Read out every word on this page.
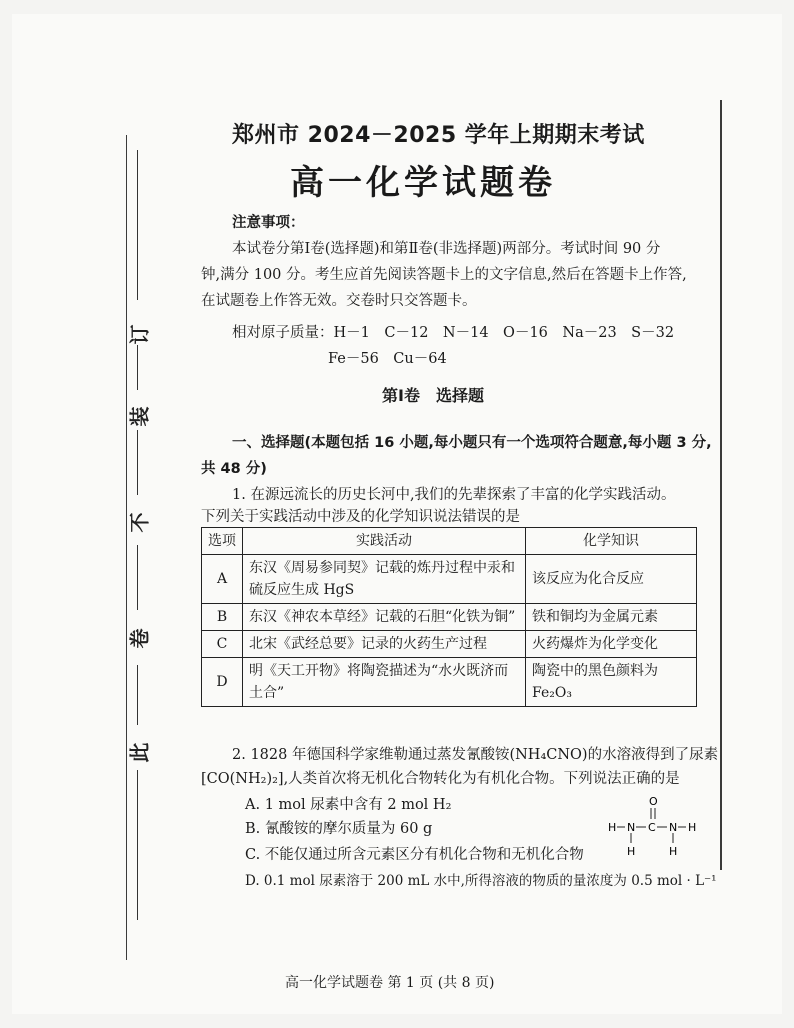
此
卷
不
装
订
郑州市 2024－2025 学年上期期末考试
高一化学试题卷
注意事项：
本试卷分第Ⅰ卷(选择题)和第Ⅱ卷(非选择题)两部分。考试时间 90 分
钟,满分 100 分。考生应首先阅读答题卡上的文字信息,然后在答题卡上作答,
在试题卷上作答无效。交卷时只交答题卡。
相对原子质量：H－1　C－12　N－14　O－16　Na－23　S－32
Fe－56　Cu－64
第Ⅰ卷　选择题
一、选择题(本题包括 16 小题,每小题只有一个选项符合题意,每小题 3 分,
共 48 分)
1. 在源远流长的历史长河中,我们的先辈探索了丰富的化学实践活动。
下列关于实践活动中涉及的化学知识说法错误的是
选项	实践活动	化学知识
A	东汉《周易参同契》记载的炼丹过程中汞和
硫反应生成 HgS	该反应为化合反应
B	东汉《神农本草经》记载的石胆“化铁为铜”	铁和铜均为金属元素
C	北宋《武经总要》记录的火药生产过程	火药爆炸为化学变化
D	明《天工开物》将陶瓷描述为“水火既济而
土合”	陶瓷中的黑色颜料为 Fe₂O₃
2. 1828 年德国科学家维勒通过蒸发氰酸铵(NH₄CNO)的水溶液得到了尿素
[CO(NH₂)₂],人类首次将无机化合物转化为有机化合物。下列说法正确的是
A. 1 mol 尿素中含有 2 mol H₂
B. 氰酸铵的摩尔质量为 60 g
C. 不能仅通过所含元素区分有机化合物和无机化合物
D. 0.1 mol 尿素溶于 200 mL 水中,所得溶液的物质的量浓度为 0.5 mol · L⁻¹
O
H N C N H
H	H
高一化学试题卷 第 1 页 (共 8 页)
